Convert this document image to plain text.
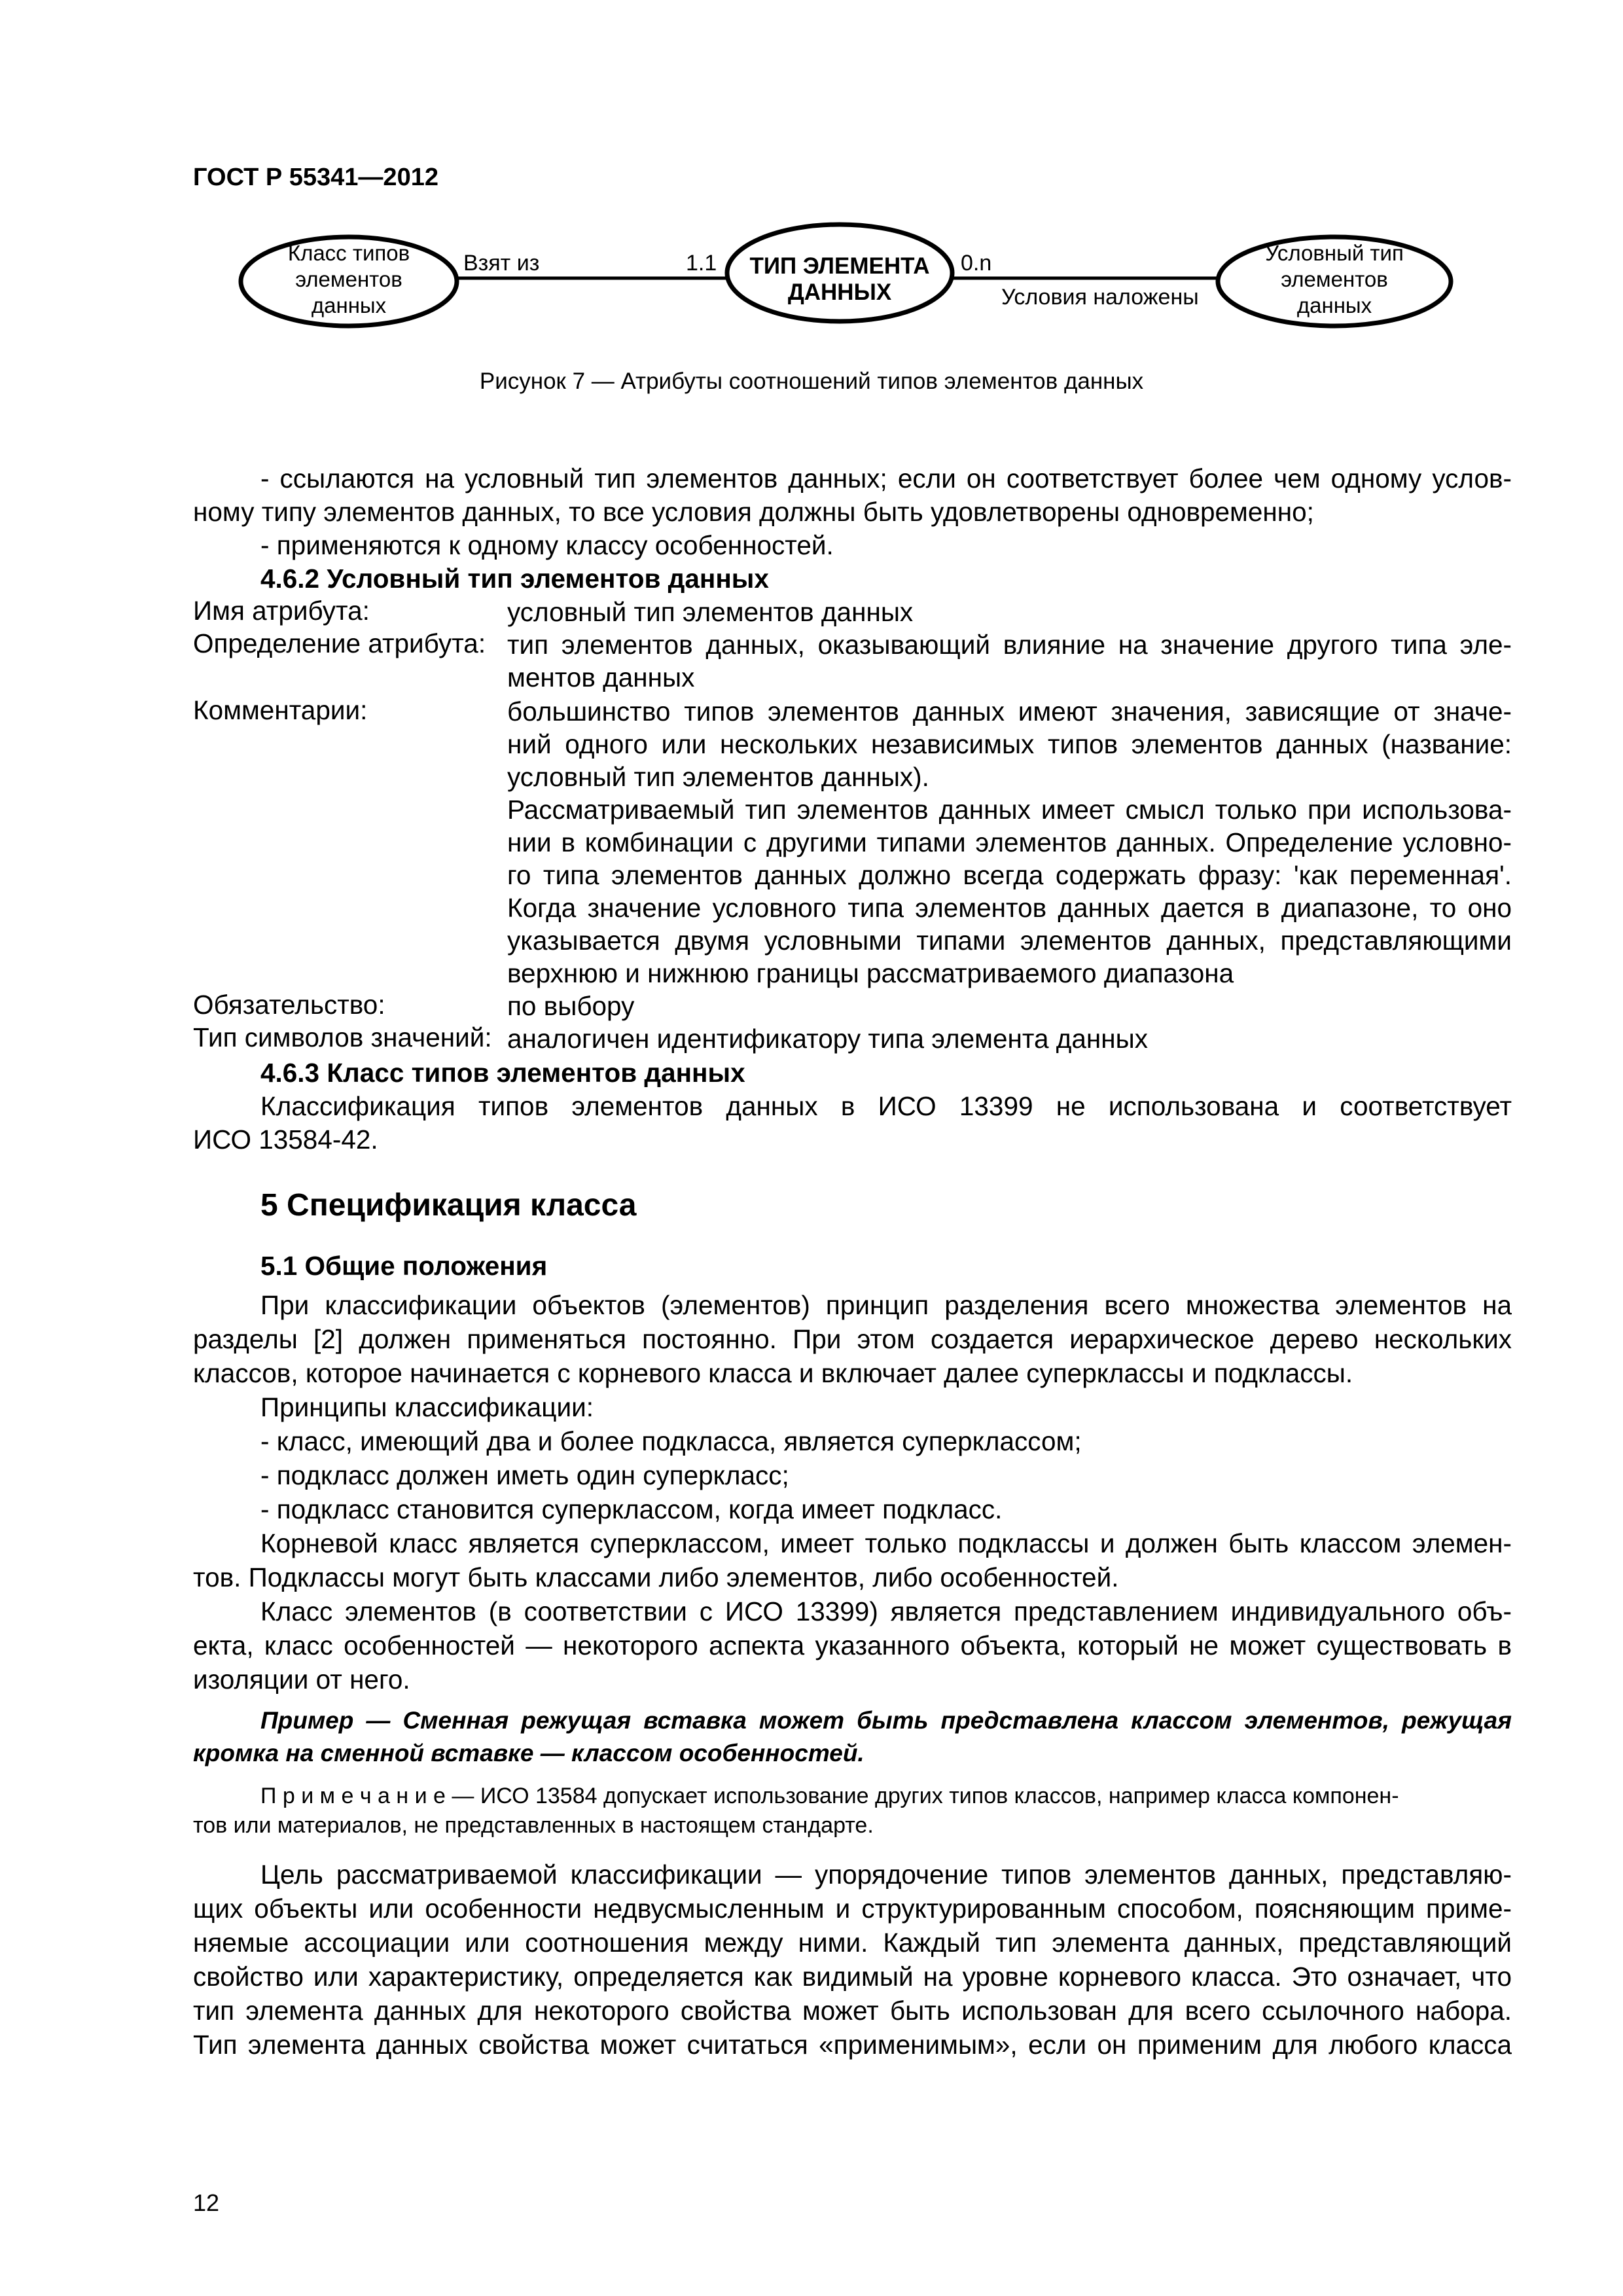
ГОСТ Р 55341—2012
Класс типов
элементов
данных
ТИП ЭЛЕМЕНТА
ДАННЫХ
Условный тип
элементов
данных
Взят из	1.1	0.n
Условия наложены
Рисунок 7 — Атрибуты соотношений типов элементов данных
- ссылаются на условный тип элементов данных; если он соответствует более чем одному услов-
ному типу элементов данных, то все условия должны быть удовлетворены одновременно;
- применяются к одному классу особенностей.
4.6.2 Условный тип элементов данных
Имя атрибута:	условный тип элементов данных
Определение атрибута: тип элементов данных, оказывающий влияние на значение другого типа эле-
ментов данных
Комментарии:	большинство типов элементов данных имеют значения, зависящие от значе-
ний одного или нескольких независимых типов элементов данных (название:
условный тип элементов данных).
Рассматриваемый тип элементов данных имеет смысл только при использова-
нии в комбинации с другими типами элементов данных. Определение условно-
го типа элементов данных должно всегда содержать фразу: 'как переменная'.
Когда значение условного типа элементов данных дается в диапазоне, то оно
указывается двумя условными типами элементов данных, представляющими
верхнюю и нижнюю границы рассматриваемого диапазона
Обязательство:	по выбору
Тип символов значений: аналогичен идентификатору типа элемента данных
4.6.3 Класс типов элементов данных
Классификация типов элементов данных в ИСО 13399 не использована и соответствует
ИСО 13584-42.
5 Спецификация класса
5.1 Общие положения
При классификации объектов (элементов) принцип разделения всего множества элементов на
разделы [2] должен применяться постоянно. При этом создается иерархическое дерево нескольких
классов, которое начинается с корневого класса и включает далее суперклассы и подклассы.
Принципы классификации:
- класс, имеющий два и более подкласса, является суперклассом;
- подкласс должен иметь один суперкласс;
- подкласс становится суперклассом, когда имеет подкласс.
Корневой класс является суперклассом, имеет только подклассы и должен быть классом элемен-
тов. Подклассы могут быть классами либо элементов, либо особенностей.
Класс элементов (в соответствии с ИСО 13399) является представлением индивидуального объ-
екта, класс особенностей — некоторого аспекта указанного объекта, который не может существовать в
изоляции от него.
Пример — Сменная режущая вставка может быть представлена классом элементов, режущая
кромка на сменной вставке — классом особенностей.
П р и м е ч а н и е — ИСО 13584 допускает использование других типов классов, например класса компонен-
тов или материалов, не представленных в настоящем стандарте.
Цель рассматриваемой классификации — упорядочение типов элементов данных, представляю-
щих объекты или особенности недвусмысленным и структурированным способом, поясняющим приме-
няемые ассоциации или соотношения между ними. Каждый тип элемента данных, представляющий
свойство или характеристику, определяется как видимый на уровне корневого класса. Это означает, что
тип элемента данных для некоторого свойства может быть использован для всего ссылочного набора.
Тип элемента данных свойства может считаться «применимым», если он применим для любого класса
12
